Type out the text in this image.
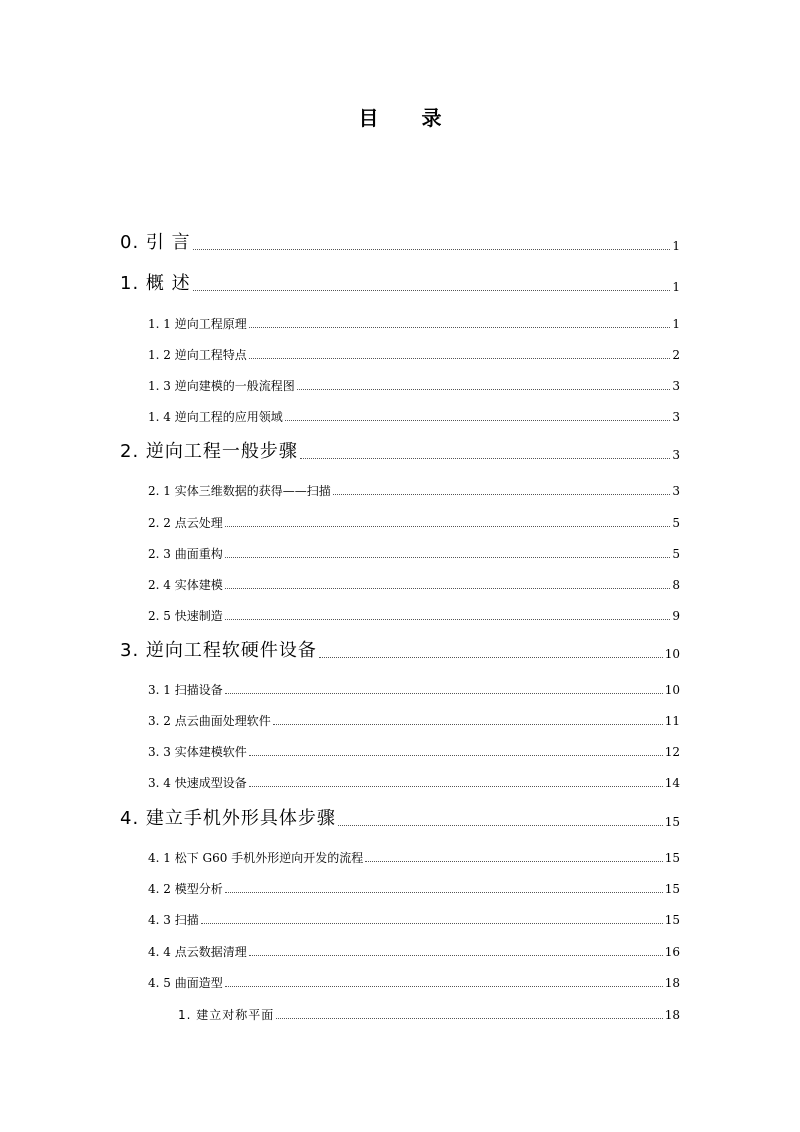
目 录
0. 引 言	1
1. 概 述	1
1. 1 逆向工程原理	1
1. 2 逆向工程特点	2
1. 3 逆向建模的一般流程图	3
1. 4 逆向工程的应用领域	3
2. 逆向工程一般步骤	3
2. 1 实体三维数据的获得——扫描	3
2. 2 点云处理	5
2. 3 曲面重构	5
2. 4 实体建模	8
2. 5 快速制造	9
3. 逆向工程软硬件设备	10
3. 1 扫描设备	10
3. 2 点云曲面处理软件	11
3. 3 实体建模软件	12
3. 4 快速成型设备	14
4. 建立手机外形具体步骤	15
4. 1 松下 G60 手机外形逆向开发的流程	15
4. 2 模型分析	15
4. 3 扫描	15
4. 4 点云数据清理	16
4. 5 曲面造型	18
1. 建立对称平面	18
